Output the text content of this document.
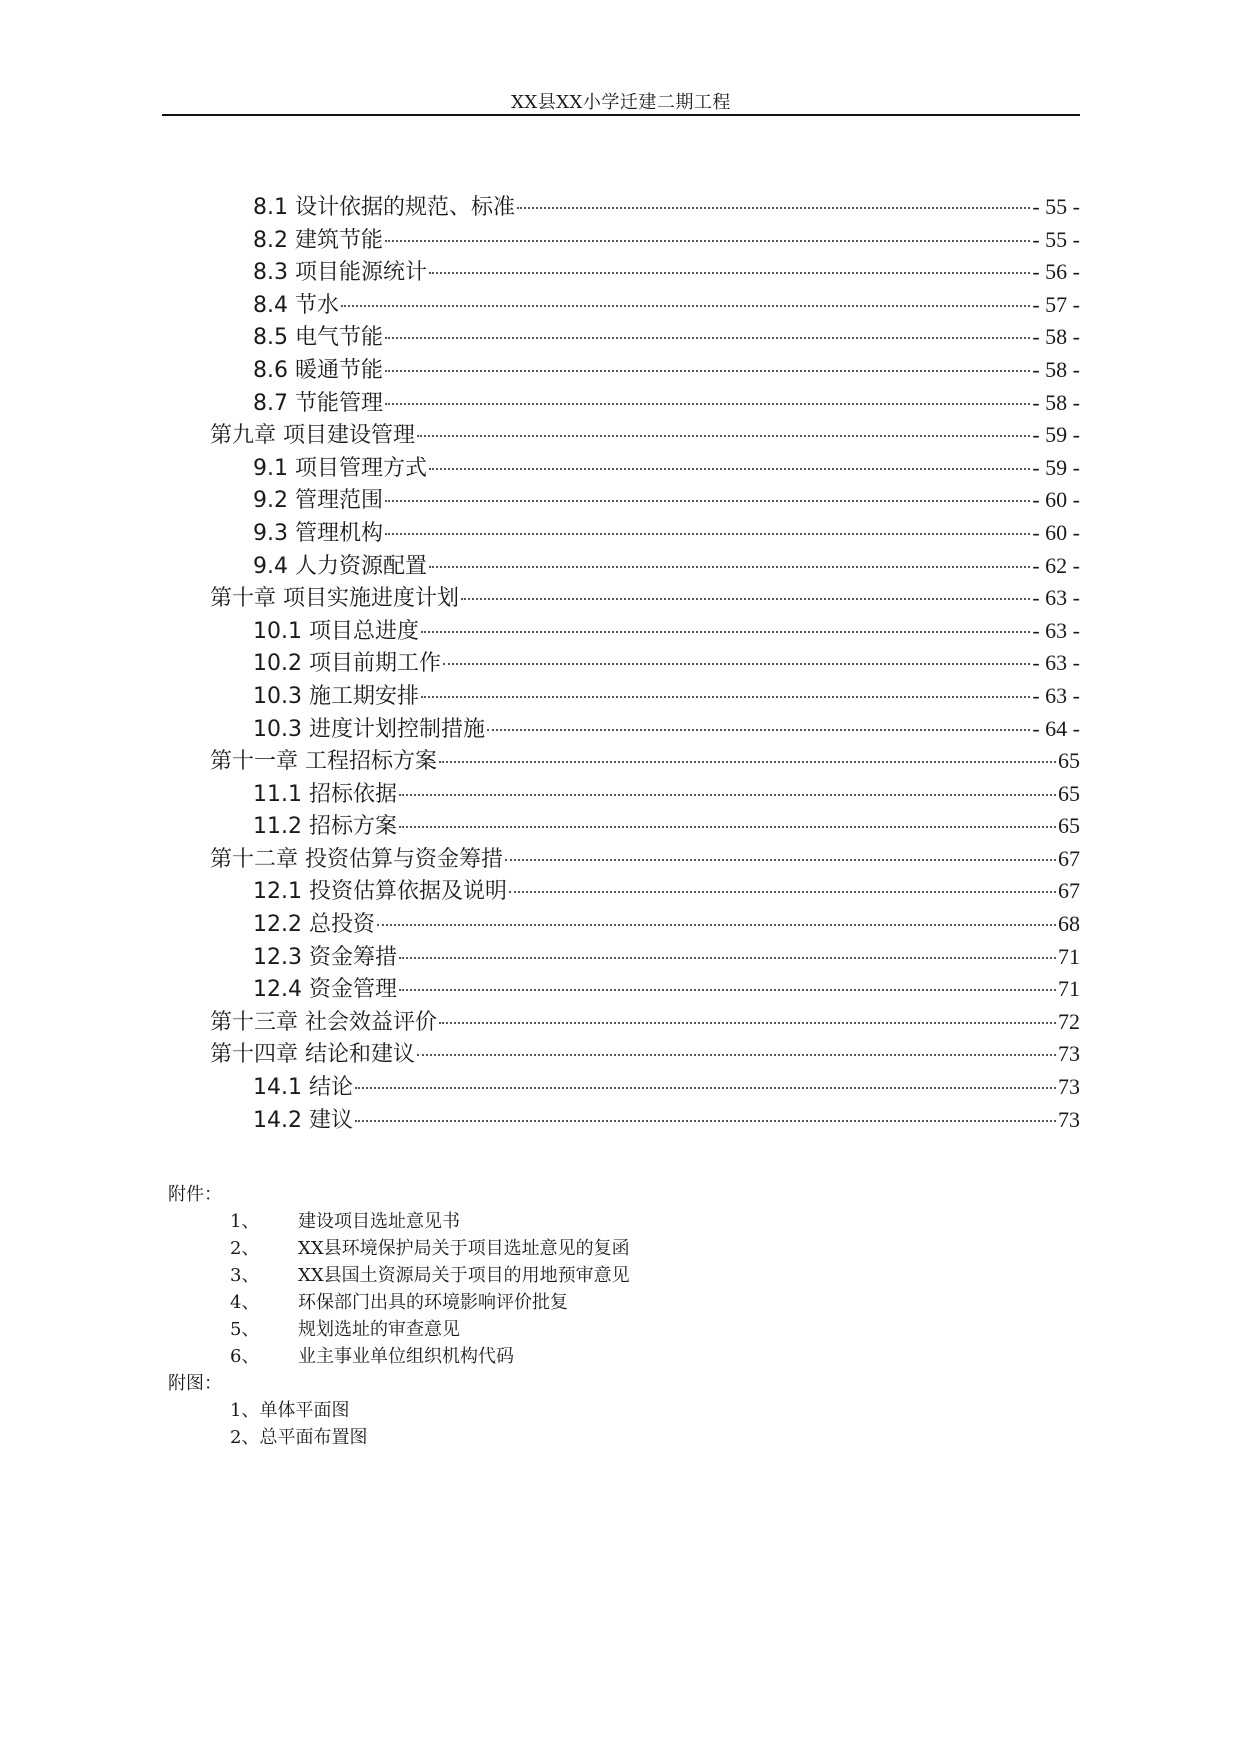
XX县XX小学迁建二期工程
8.1 设计依据的规范、标准	- 55 -
8.2 建筑节能	- 55 -
8.3 项目能源统计	- 56 -
8.4 节水	- 57 -
8.5 电气节能	- 58 -
8.6 暖通节能	- 58 -
8.7 节能管理	- 58 -
第九章 项目建设管理	- 59 -
9.1 项目管理方式	- 59 -
9.2 管理范围	- 60 -
9.3 管理机构	- 60 -
9.4 人力资源配置	- 62 -
第十章 项目实施进度计划	- 63 -
10.1 项目总进度	- 63 -
10.2 项目前期工作	- 63 -
10.3 施工期安排	- 63 -
10.3 进度计划控制措施	- 64 -
第十一章 工程招标方案	65
11.1 招标依据	65
11.2 招标方案	65
第十二章 投资估算与资金筹措	67
12.1 投资估算依据及说明	67
12.2 总投资	68
12.3 资金筹措	71
12.4 资金管理	71
第十三章 社会效益评价	72
第十四章 结论和建议	73
14.1 结论	73
14.2 建议	73
附件：
1、	建设项目选址意见书
2、	XX县环境保护局关于项目选址意见的复函
3、	XX县国土资源局关于项目的用地预审意见
4、	环保部门出具的环境影响评价批复
5、	规划选址的审查意见
6、	业主事业单位组织机构代码
附图：
1、单体平面图
2、总平面布置图
